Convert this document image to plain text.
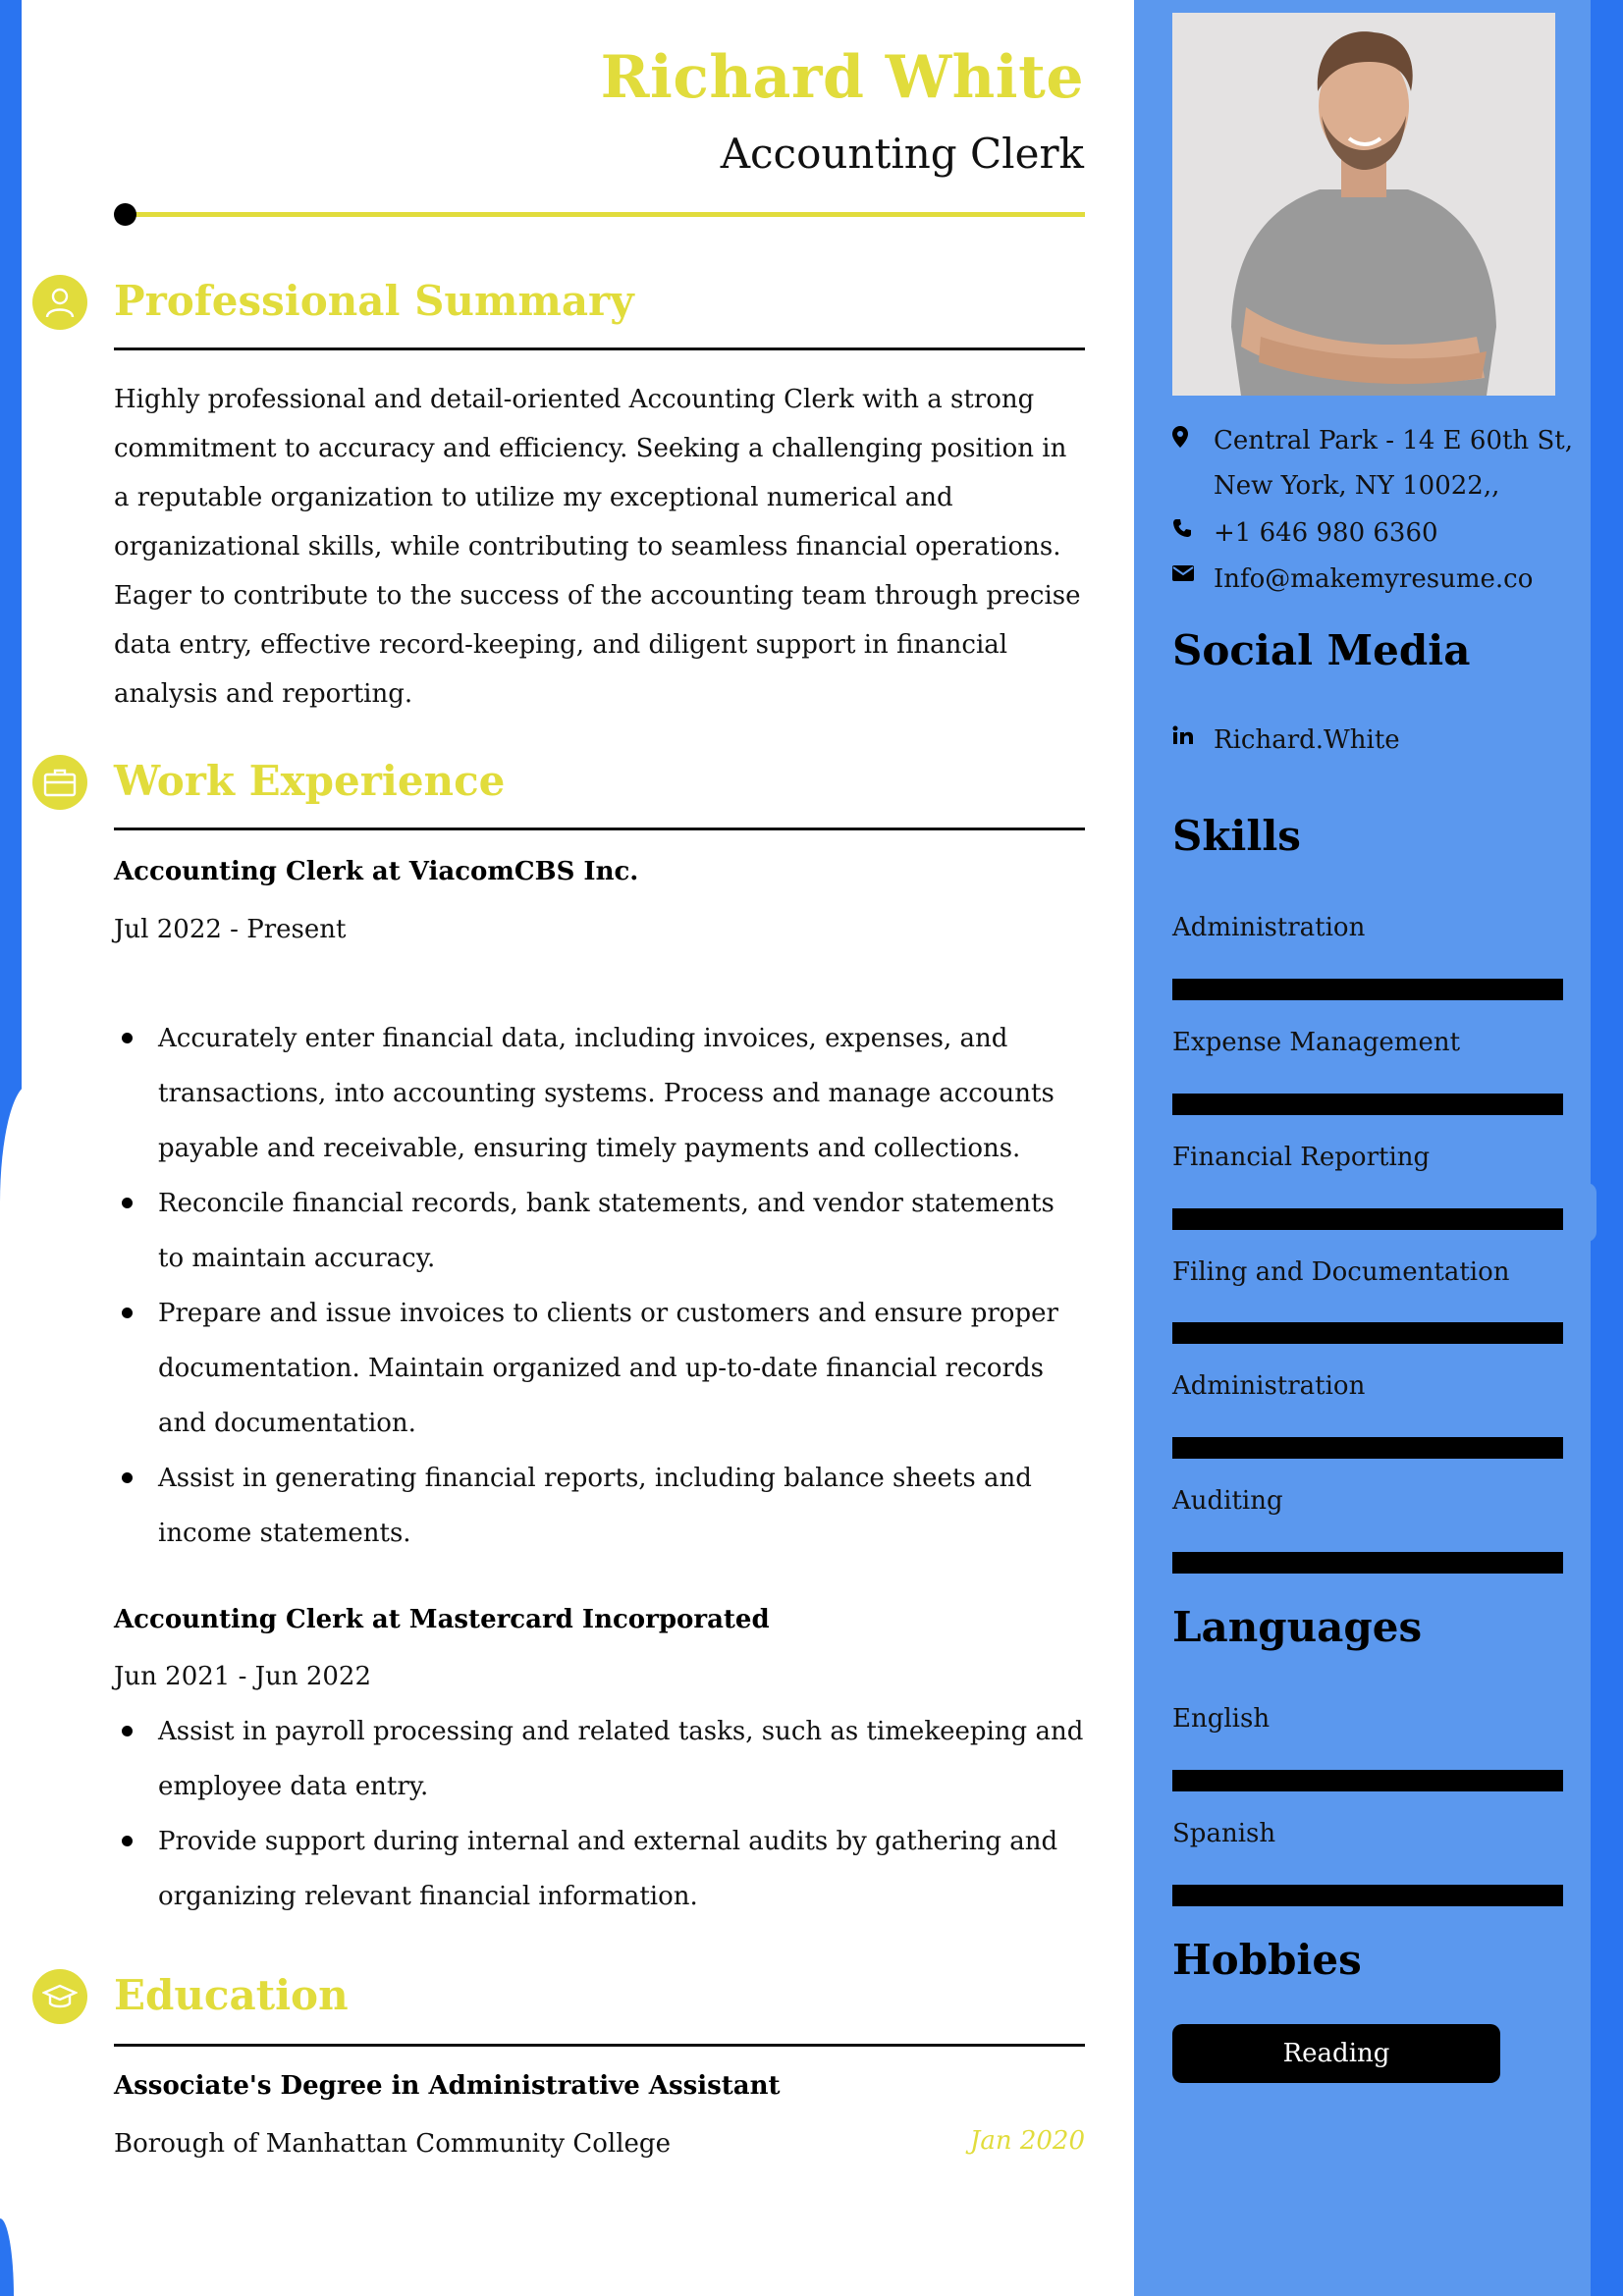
Richard White
Accounting Clerk
Professional Summary

Highly professional and detail-oriented Accounting Clerk with a strong commitment to accuracy and efficiency. Seeking a challenging position in a reputable organization to utilize my exceptional numerical and organizational skills, while contributing to seamless financial operations. Eager to contribute to the success of the accounting team through precise data entry, effective record-keeping, and diligent support in financial analysis and reporting.

Work Experience

Accounting Clerk at ViacomCBS Inc.

Jul 2022 - Present

Accurately enter financial data, including invoices, expenses, and transactions, into accounting systems. Process and manage accounts payable and receivable, ensuring timely payments and collections.
Reconcile financial records, bank statements, and vendor statements to maintain accuracy.
Prepare and issue invoices to clients or customers and ensure proper documentation. Maintain organized and up-to-date financial records and documentation.
Assist in generating financial reports, including balance sheets and income statements.

Accounting Clerk at Mastercard Incorporated

Jun 2021 - Jun 2022

Assist in payroll processing and related tasks, such as timekeeping and employee data entry.
Provide support during internal and external audits by gathering and organizing relevant financial information.
Education

Associate's Degree in Administrative Assistant

Borough of Manhattan Community College	Jan 2020

Central Park - 14 E 60th St, New York, NY 10022,,
+1 646 980 6360
Info@makemyresume.co
Social Media
Richard.White
Skills

Administration

Expense Management

Financial Reporting

Filing and Documentation

Administration

Auditing

Languages

English

Spanish

Hobbies
Reading
